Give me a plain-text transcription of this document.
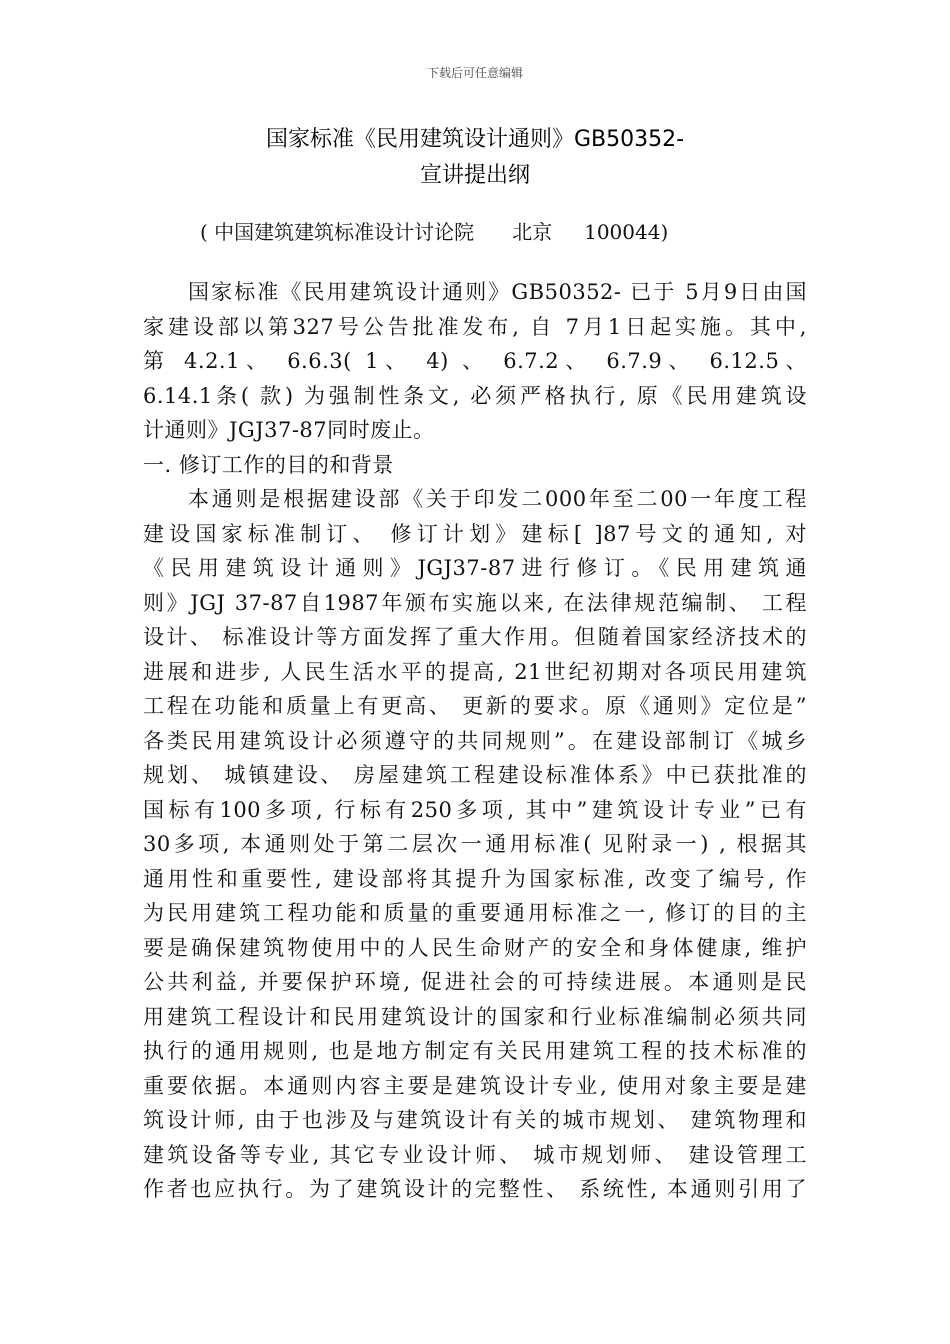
下载后可任意编辑
国家标准《民用建筑设计通则》GB50352-
宣讲提出纲
( 中国建筑建筑标准设计讨论院      北京     100044)
国家标准《民用建筑设计通则》GB50352- 已于 5月9日由国
家建设部以第327号公告批准发布, 自 7月1日起实施。其中,
第 4.2.1、 6.6.3( 1、 4) 、 6.7.2、 6.7.9、 6.12.5、
6.14.1条( 款) 为强制性条文, 必须严格执行, 原《民用建筑设
计通则》JGJ37-87同时废止。
一. 修订工作的目的和背景
本通则是根据建设部《关于印发二000年至二00一年度工程
建设国家标准制订、 修订计划》建标[ ]87号文的通知, 对
《民用建筑设计通则》JGJ37-87进行修订。《民用建筑通
则》JGJ 37-87自1987年颁布实施以来, 在法律规范编制、 工程
设计、 标准设计等方面发挥了重大作用。但随着国家经济技术的
进展和进步, 人民生活水平的提高, 21世纪初期对各项民用建筑
工程在功能和质量上有更高、 更新的要求。原《通则》定位是”
各类民用建筑设计必须遵守的共同规则”。在建设部制订《城乡
规划、 城镇建设、 房屋建筑工程建设标准体系》中已获批准的
国标有100多项, 行标有250多项, 其中”建筑设计专业”已有
30多项, 本通则处于第二层次一通用标准( 见附录一) , 根据其
通用性和重要性, 建设部将其提升为国家标准, 改变了编号, 作
为民用建筑工程功能和质量的重要通用标准之一, 修订的目的主
要是确保建筑物使用中的人民生命财产的安全和身体健康, 维护
公共利益, 并要保护环境, 促进社会的可持续进展。本通则是民
用建筑工程设计和民用建筑设计的国家和行业标准编制必须共同
执行的通用规则, 也是地方制定有关民用建筑工程的技术标准的
重要依据。本通则内容主要是建筑设计专业, 使用对象主要是建
筑设计师, 由于也涉及与建筑设计有关的城市规划、 建筑物理和
建筑设备等专业, 其它专业设计师、 城市规划师、 建设管理工
作者也应执行。为了建筑设计的完整性、 系统性, 本通则引用了
